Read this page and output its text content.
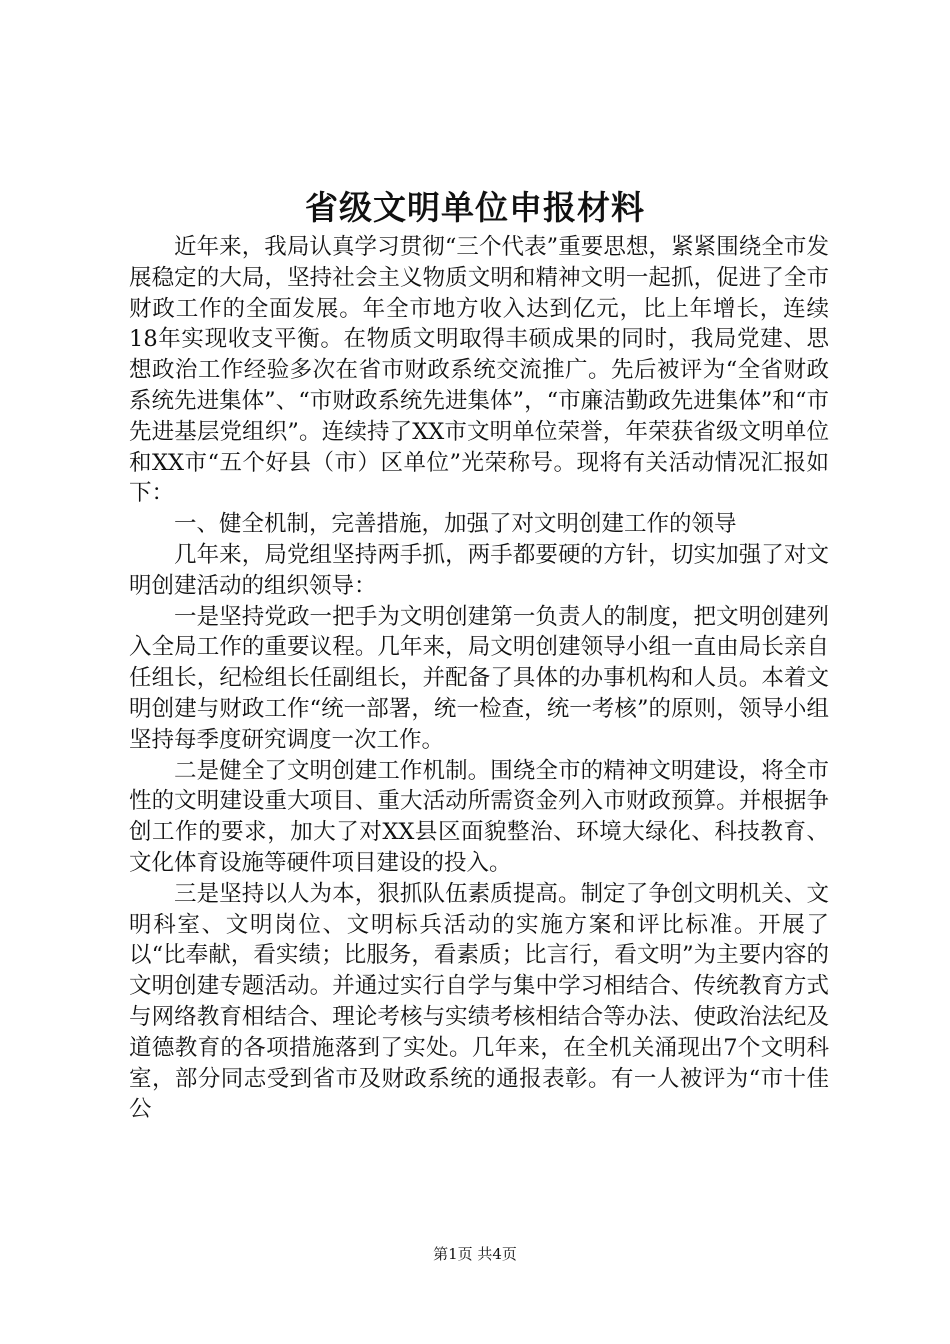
省级文明单位申报材料

近年来，我局认真学习贯彻“三个代表”重要思想，紧紧围绕全市发展稳定的大局，坚持社会主义物质文明和精神文明一起抓，促进了全市财政工作的全面发展。年全市地方收入达到亿元，比上年增长，连续18年实现收支平衡。在物质文明取得丰硕成果的同时，我局党建、思想政治工作经验多次在省市财政系统交流推广。先后被评为“全省财政系统先进集体”、“市财政系统先进集体”，“市廉洁勤政先进集体”和“市先进基层党组织”。连续持了XX市文明单位荣誉，年荣获省级文明单位和XX市“五个好县（市）区单位”光荣称号。现将有关活动情况汇报如下：

一、健全机制，完善措施，加强了对文明创建工作的领导

几年来，局党组坚持两手抓，两手都要硬的方针，切实加强了对文明创建活动的组织领导：

一是坚持党政一把手为文明创建第一负责人的制度，把文明创建列入全局工作的重要议程。几年来，局文明创建领导小组一直由局长亲自任组长，纪检组长任副组长，并配备了具体的办事机构和人员。本着文明创建与财政工作“统一部署，统一检查，统一考核”的原则，领导小组坚持每季度研究调度一次工作。

二是健全了文明创建工作机制。围绕全市的精神文明建设，将全市性的文明建设重大项目、重大活动所需资金列入市财政预算。并根据争创工作的要求，加大了对XX县区面貌整治、环境大绿化、科技教育、文化体育设施等硬件项目建设的投入。

三是坚持以人为本，狠抓队伍素质提高。制定了争创文明机关、文明科室、文明岗位、文明标兵活动的实施方案和评比标准。开展了以“比奉献，看实绩；比服务，看素质；比言行，看文明”为主要内容的文明创建专题活动。并通过实行自学与集中学习相结合、传统教育方式与网络教育相结合、理论考核与实绩考核相结合等办法、使政治法纪及道德教育的各项措施落到了实处。几年来，在全机关涌现出7个文明科室，部分同志受到省市及财政系统的通报表彰。有一人被评为“市十佳公

第1页 共4页
